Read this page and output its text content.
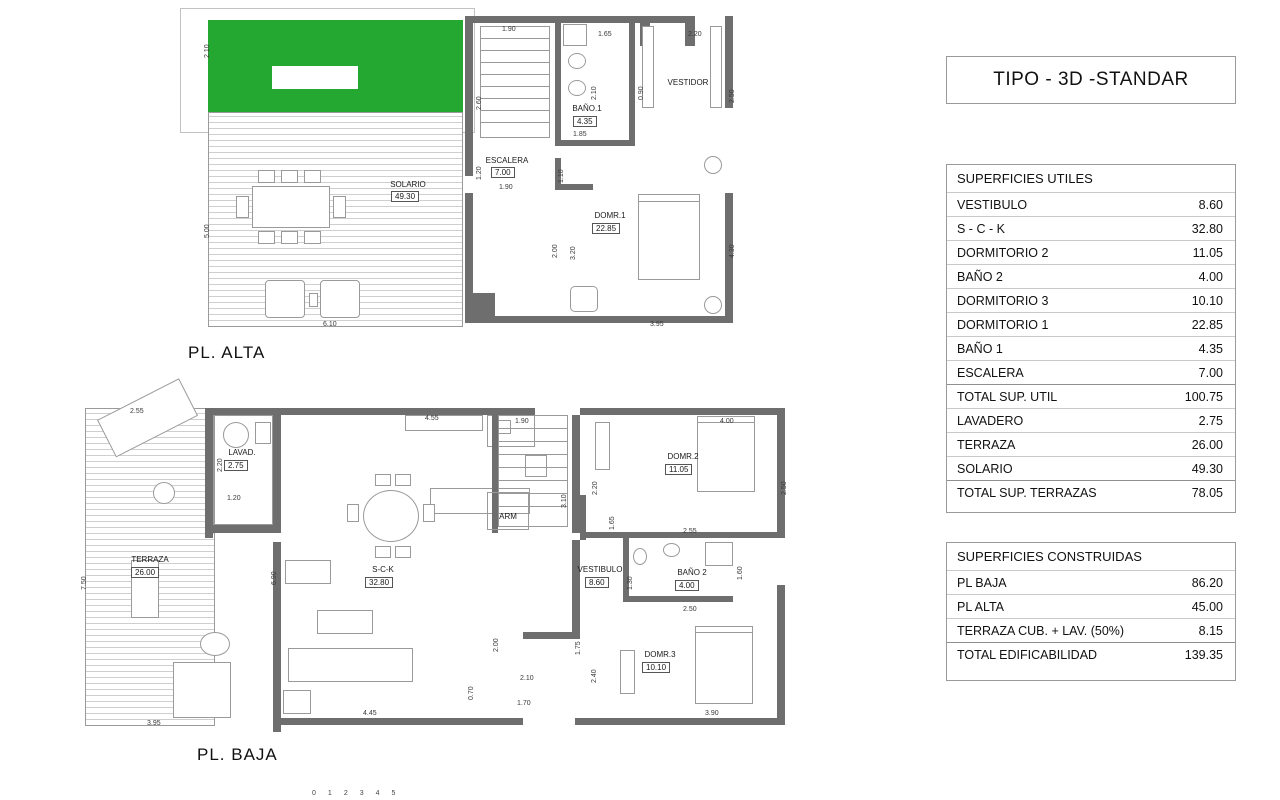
2.10
SOLARIO
49.30
5.00
6.10
ESCALERA
7.00
1.90
1.20
1.90
2.60	BAÑO.1
4.35
1.85
2.10
1.65
VESTIDOR
2.20
2.50
0.90
1.10
DOMR.1
22.85
2.00 3.20	4.30
3.95
PL. ALTA
TERRAZA
26.00
7.50
2.55
3.95
LAVAD.
2.75
2.20
1.20
4.55
S-C-K
32.80
6.90
4.45
1.90
3.10
ARM
VESTIBULO
8.60
2.00
2.10
1.70
0.70
1.75
2.40
DOMR.2
11.05
4.00
2.50
2.20
BAÑO 2
4.00
2.55
2.50
1.30
1.60
1.65
DOMR.3
10.10
3.90
PL. BAJA
012345
TIPO - 3D -STANDAR
SUPERFICIES UTILES	
VESTIBULO	8.60
S - C - K	32.80
DORMITORIO 2	11.05
BAÑO 2	4.00
DORMITORIO 3	10.10
DORMITORIO 1	22.85
BAÑO 1	4.35
ESCALERA	7.00
TOTAL SUP. UTIL	100.75
LAVADERO	2.75
TERRAZA	26.00
SOLARIO	49.30
TOTAL SUP. TERRAZAS	78.05
SUPERFICIES CONSTRUIDAS	
PL BAJA	86.20
PL ALTA	45.00
TERRAZA CUB. + LAV. (50%)	8.15
TOTAL EDIFICABILIDAD	139.35
